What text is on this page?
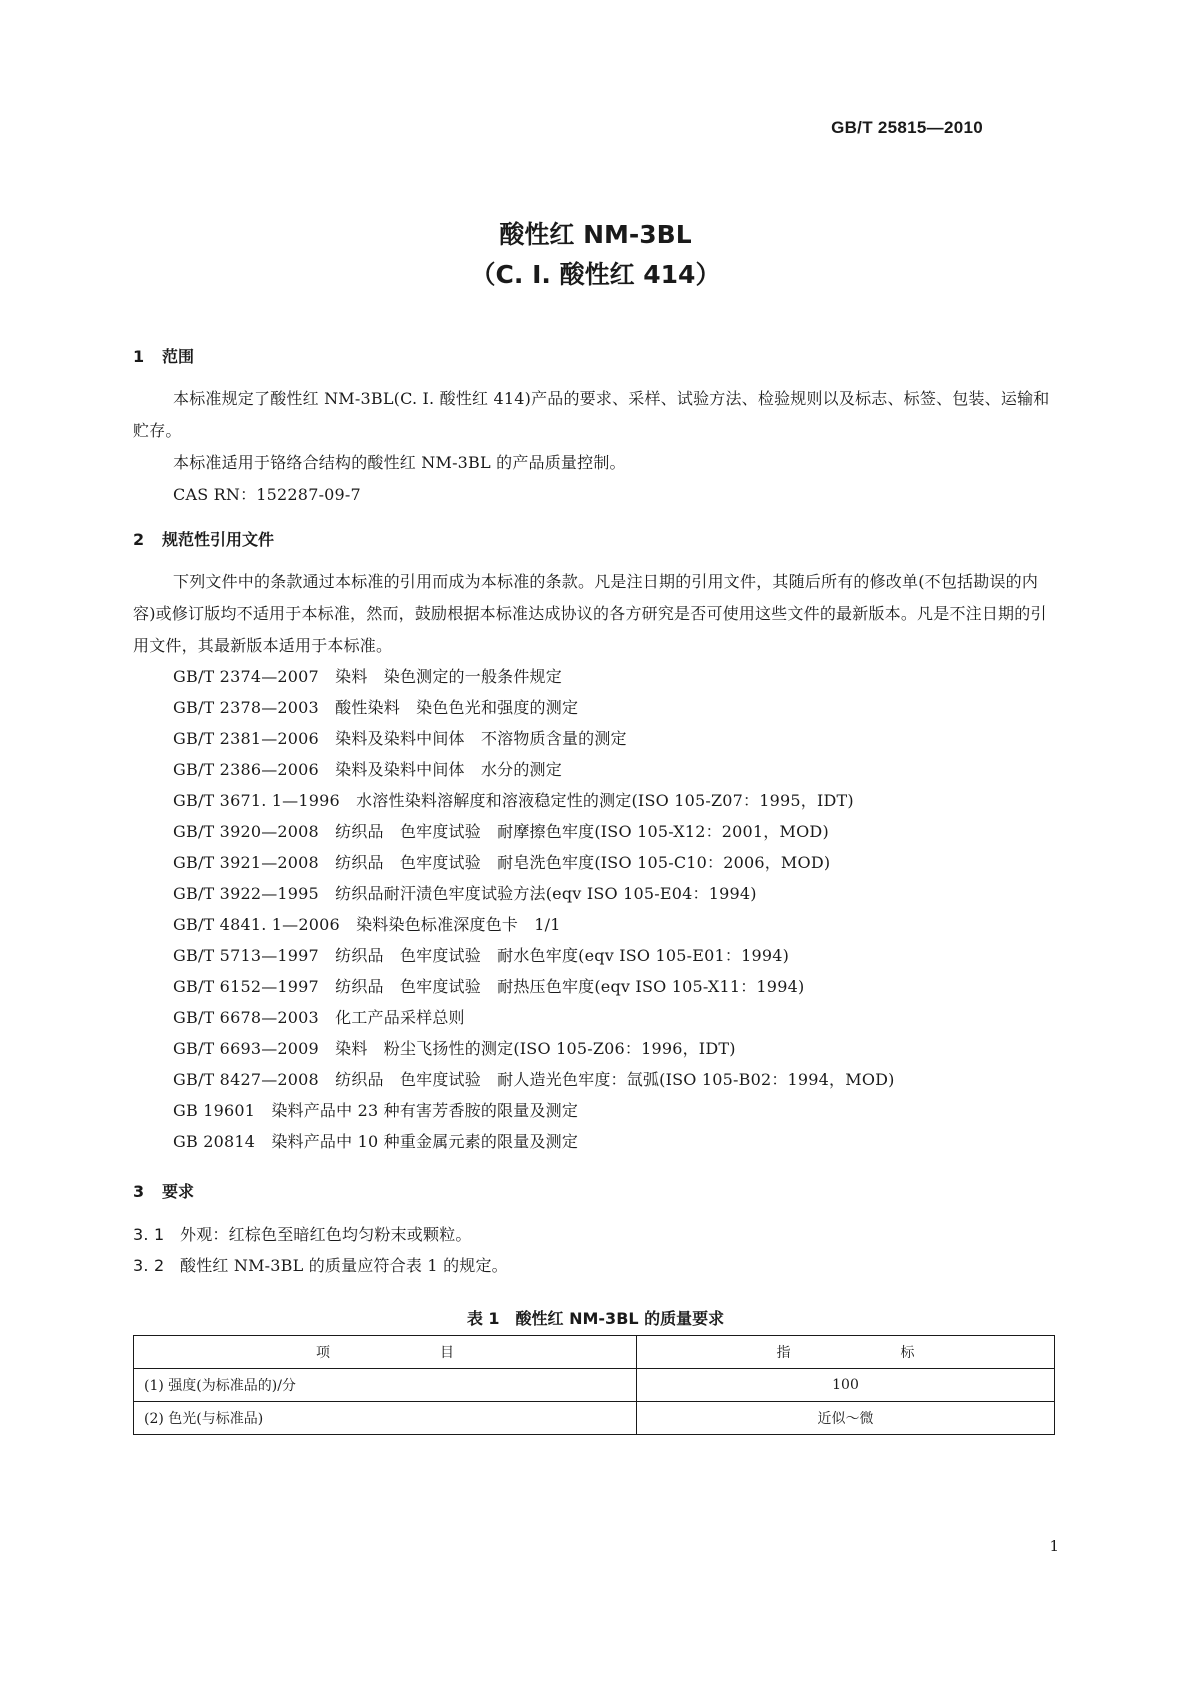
GB/T 25815—2010
酸性红 NM-3BL
（C. I. 酸性红 414）
1 范围
本标准规定了酸性红 NM-3BL(C. I. 酸性红 414)产品的要求、采样、试验方法、检验规则以及标志、标签、包装、运输和贮存。
本标准适用于铬络合结构的酸性红 NM-3BL 的产品质量控制。
CAS RN：152287-09-7
2 规范性引用文件
下列文件中的条款通过本标准的引用而成为本标准的条款。凡是注日期的引用文件，其随后所有的修改单(不包括勘误的内容)或修订版均不适用于本标准，然而，鼓励根据本标准达成协议的各方研究是否可使用这些文件的最新版本。凡是不注日期的引用文件，其最新版本适用于本标准。
GB/T 2374—2007　 染料　染色测定的一般条件规定
GB/T 2378—2003　 酸性染料　染色色光和强度的测定
GB/T 2381—2006　 染料及染料中间体　不溶物质含量的测定
GB/T 2386—2006　 染料及染料中间体　水分的测定
GB/T 3671. 1—1996　 水溶性染料溶解度和溶液稳定性的测定(ISO 105-Z07：1995，IDT)
GB/T 3920—2008　 纺织品　色牢度试验　耐摩擦色牢度(ISO 105-X12：2001，MOD)
GB/T 3921—2008　 纺织品　色牢度试验　耐皂洗色牢度(ISO 105-C10：2006，MOD)
GB/T 3922—1995　 纺织品耐汗渍色牢度试验方法(eqv ISO 105-E04：1994)
GB/T 4841. 1—2006　 染料染色标准深度色卡　1/1
GB/T 5713—1997　 纺织品　色牢度试验　耐水色牢度(eqv ISO 105-E01：1994)
GB/T 6152—1997　 纺织品　色牢度试验　耐热压色牢度(eqv ISO 105-X11：1994)
GB/T 6678—2003　 化工产品采样总则
GB/T 6693—2009　 染料　粉尘飞扬性的测定(ISO 105-Z06：1996，IDT)
GB/T 8427—2008　 纺织品　色牢度试验　耐人造光色牢度：氙弧(ISO 105-B02：1994，MOD)
GB 19601　 染料产品中 23 种有害芳香胺的限量及测定
GB 20814　 染料产品中 10 种重金属元素的限量及测定
3 要求
3. 1 外观：红棕色至暗红色均匀粉末或颗粒。
3. 2 酸性红 NM-3BL 的质量应符合表 1 的规定。
表 1　酸性红 NM-3BL 的质量要求
项目	指标
(1) 强度(为标准品的)/分	100
(2) 色光(与标准品)	近似～微
1
